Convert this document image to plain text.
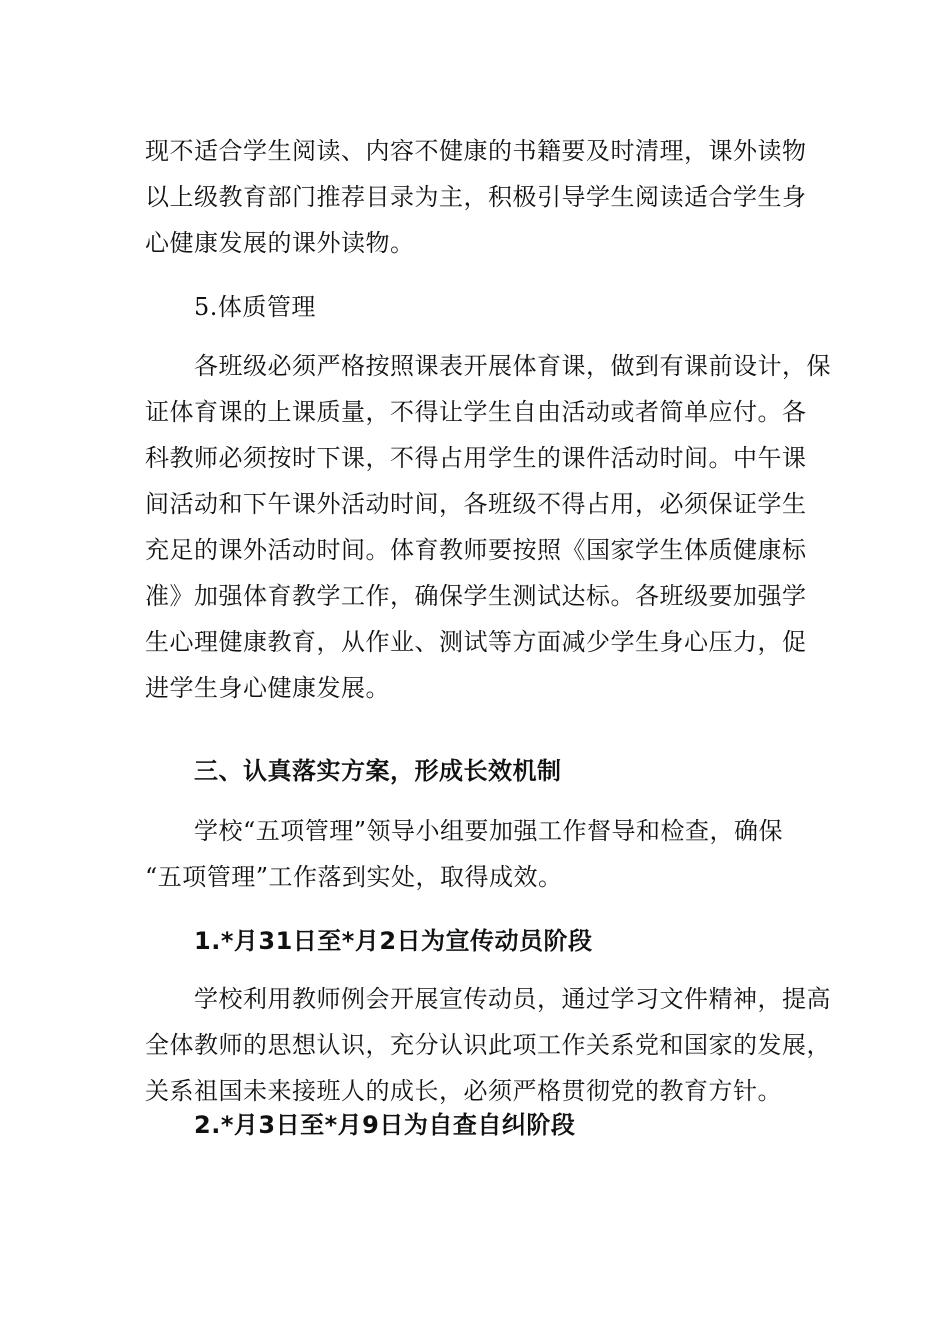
现不适合学生阅读、内容不健康的书籍要及时清理，课外读物
以上级教育部门推荐目录为主，积极引导学生阅读适合学生身
心健康发展的课外读物。

　　5.体质管理

　　各班级必须严格按照课表开展体育课，做到有课前设计，保
证体育课的上课质量，不得让学生自由活动或者简单应付。各
科教师必须按时下课，不得占用学生的课件活动时间。中午课
间活动和下午课外活动时间，各班级不得占用，必须保证学生
充足的课外活动时间。体育教师要按照《国家学生体质健康标
准》加强体育教学工作，确保学生测试达标。各班级要加强学
生心理健康教育，从作业、测试等方面减少学生身心压力，促
进学生身心健康发展。

　　三、认真落实方案，形成长效机制

　　学校“五项管理”领导小组要加强工作督导和检查，确保
“五项管理”工作落到实处，取得成效。

　　1.*月31日至*月2日为宣传动员阶段

　　学校利用教师例会开展宣传动员，通过学习文件精神，提高
全体教师的思想认识，充分认识此项工作关系党和国家的发展，
关系祖国未来接班人的成长，必须严格贯彻党的教育方针。

　　2.*月3日至*月9日为自查自纠阶段
